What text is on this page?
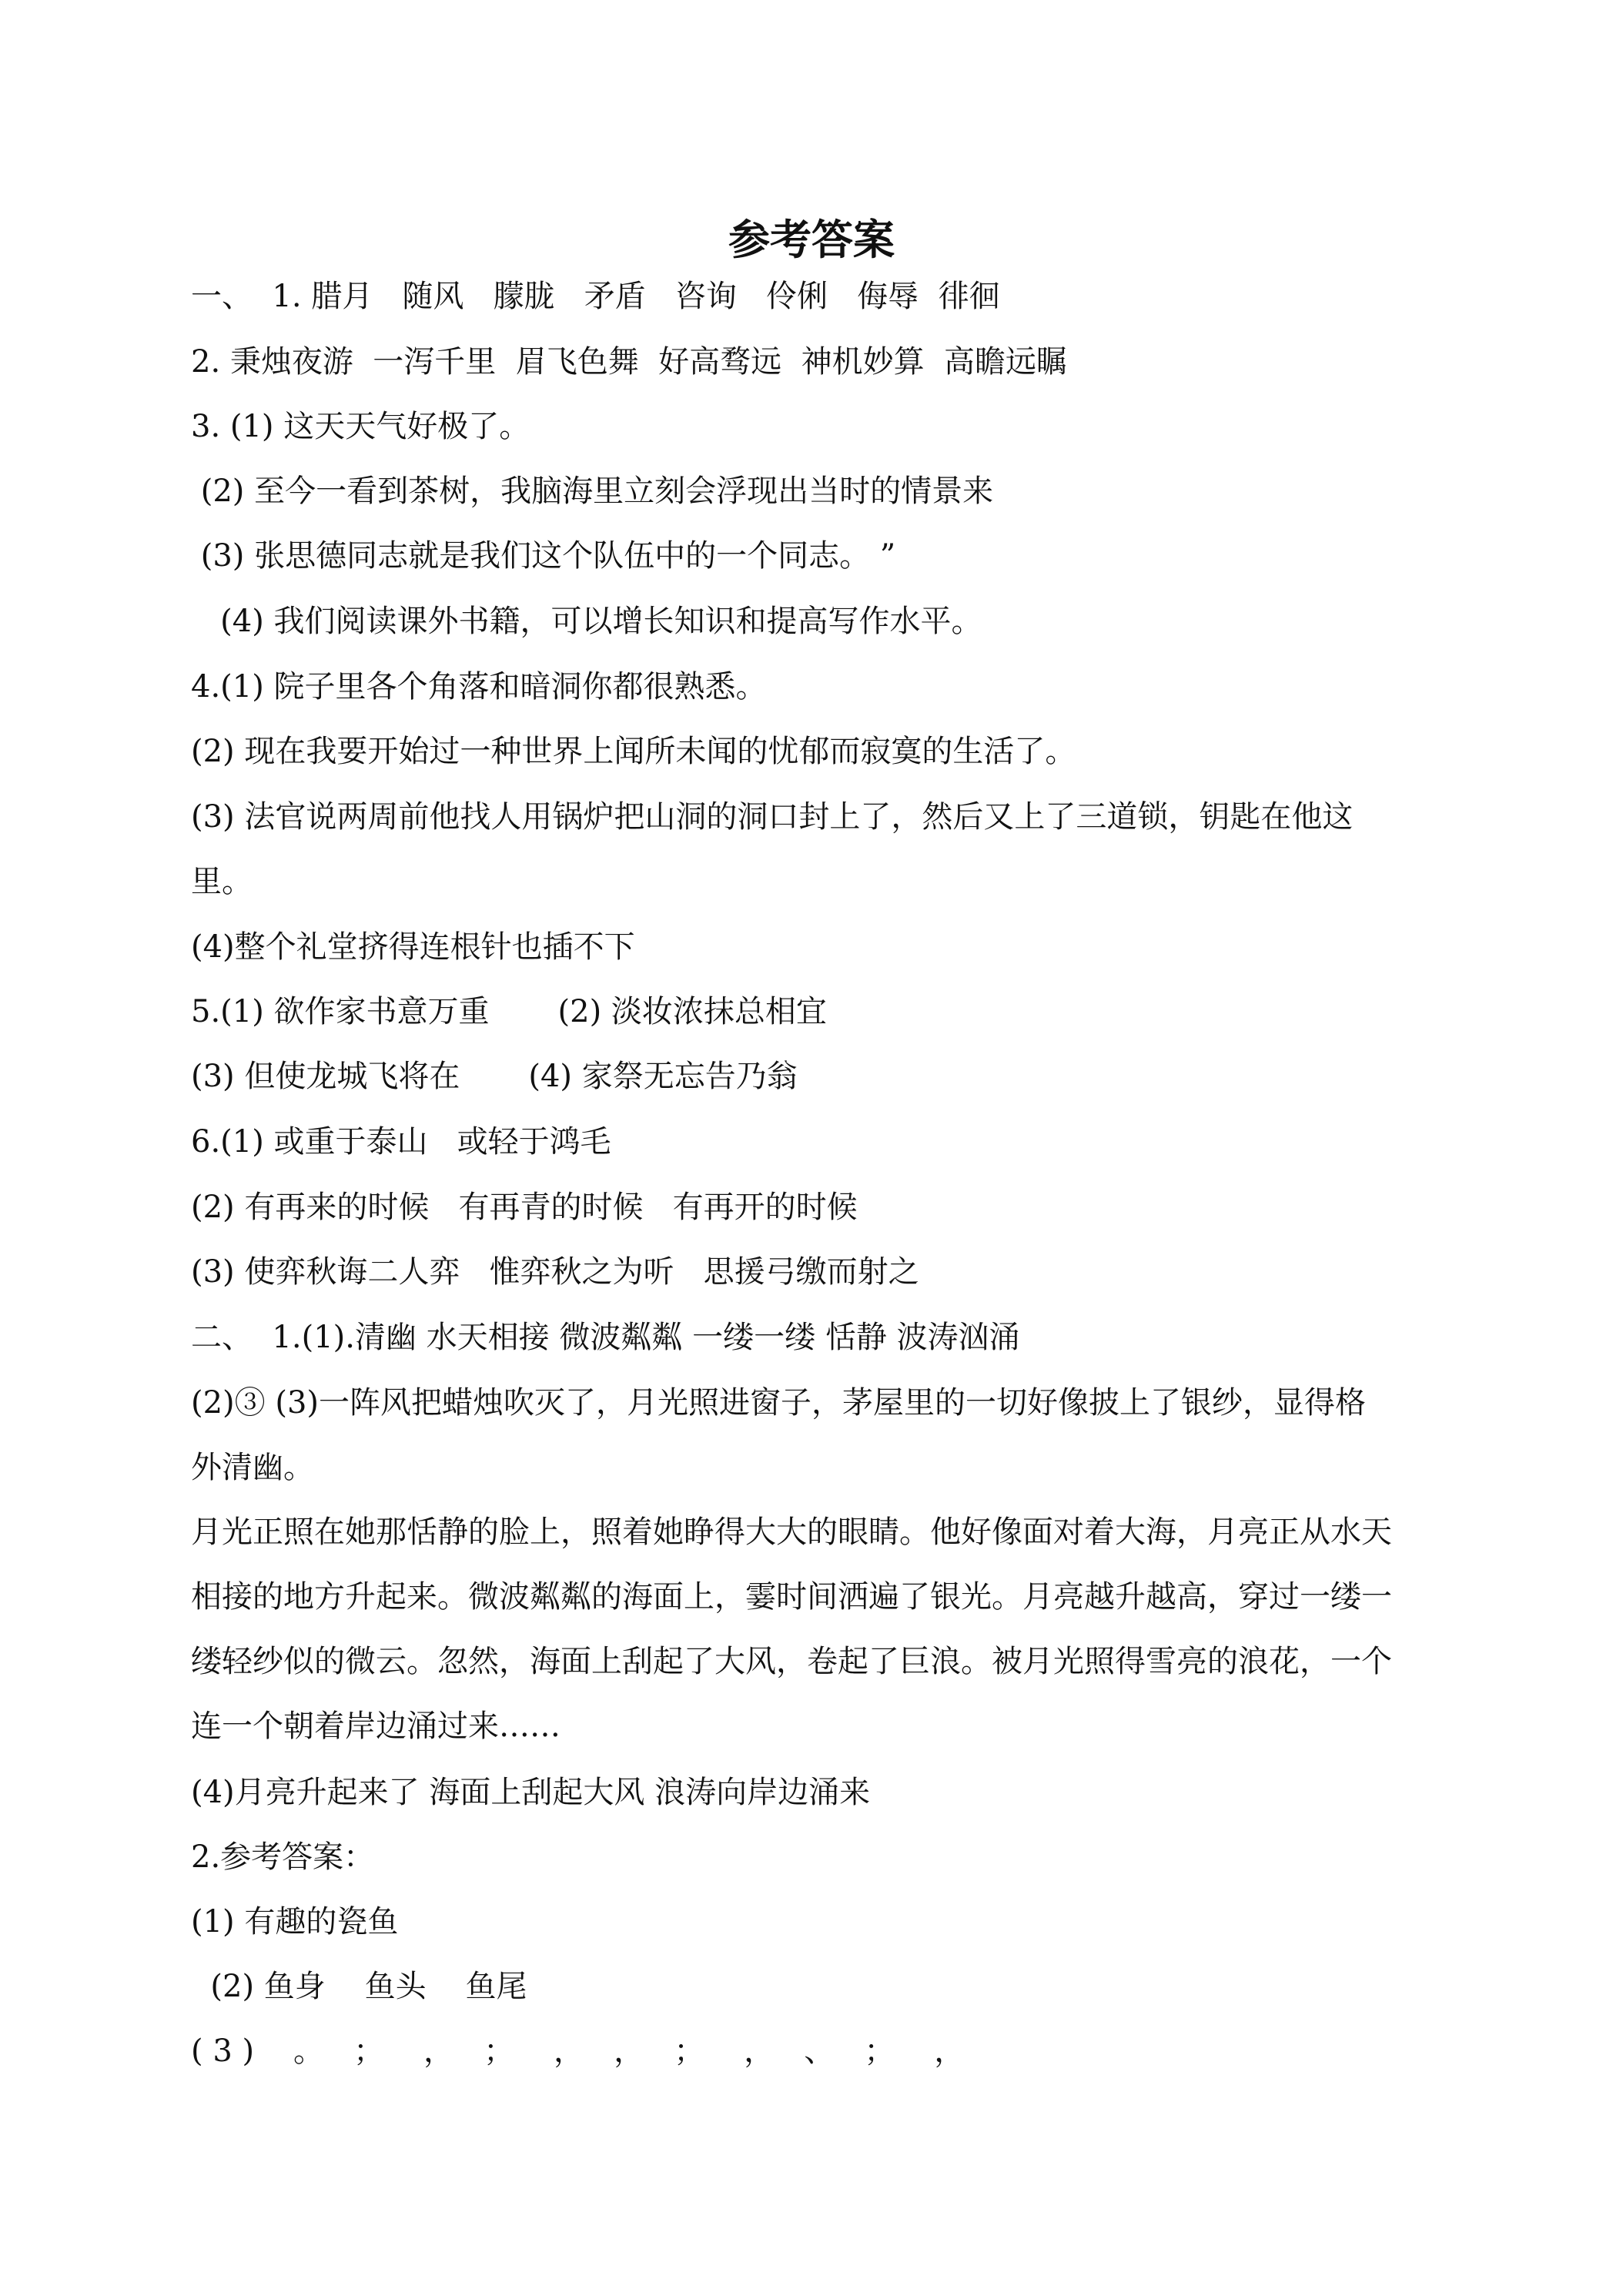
参考答案
一、  1. 腊月   随风   朦胧   矛盾   咨询   伶俐   侮辱  徘徊
2. 秉烛夜游  一泻千里  眉飞色舞  好高骛远  神机妙算  高瞻远瞩
3. (1) 这天天气好极了。
(2) 至今一看到茶树，我脑海里立刻会浮现出当时的情景来
(3) 张思德同志就是我们这个队伍中的一个同志。 ”
(4) 我们阅读课外书籍，可以增长知识和提高写作水平。
4.(1) 院子里各个角落和暗洞你都很熟悉。
(2) 现在我要开始过一种世界上闻所未闻的忧郁而寂寞的生活了。
(3) 法官说两周前他找人用锅炉把山洞的洞口封上了，然后又上了三道锁，钥匙在他这
里。
(4)整个礼堂挤得连根针也插不下
5.(1) 欲作家书意万重       (2) 淡妆浓抹总相宜
(3) 但使龙城飞将在       (4) 家祭无忘告乃翁
6.(1) 或重于泰山   或轻于鸿毛
(2) 有再来的时候   有再青的时候   有再开的时候
(3) 使弈秋诲二人弈   惟弈秋之为听   思援弓缴而射之
二、  1.(1).清幽 水天相接 微波粼粼 一缕一缕 恬静 波涛汹涌
(2)③ (3)一阵风把蜡烛吹灭了，月光照进窗子，茅屋里的一切好像披上了银纱，显得格
外清幽。
月光正照在她那恬静的脸上，照着她睁得大大的眼睛。他好像面对着大海，月亮正从水天
相接的地方升起来。微波粼粼的海面上，霎时间洒遍了银光。月亮越升越高，穿过一缕一
缕轻纱似的微云。忽然，海面上刮起了大风，卷起了巨浪。被月光照得雪亮的浪花，一个
连一个朝着岸边涌过来……
(4)月亮升起来了 海面上刮起大风 浪涛向岸边涌来
2.参考答案：
(1) 有趣的瓷鱼
(2) 鱼身    鱼头    鱼尾
( 3 )    。   ；    ，   ；    ，   ，   ；    ，   、   ；    ，
